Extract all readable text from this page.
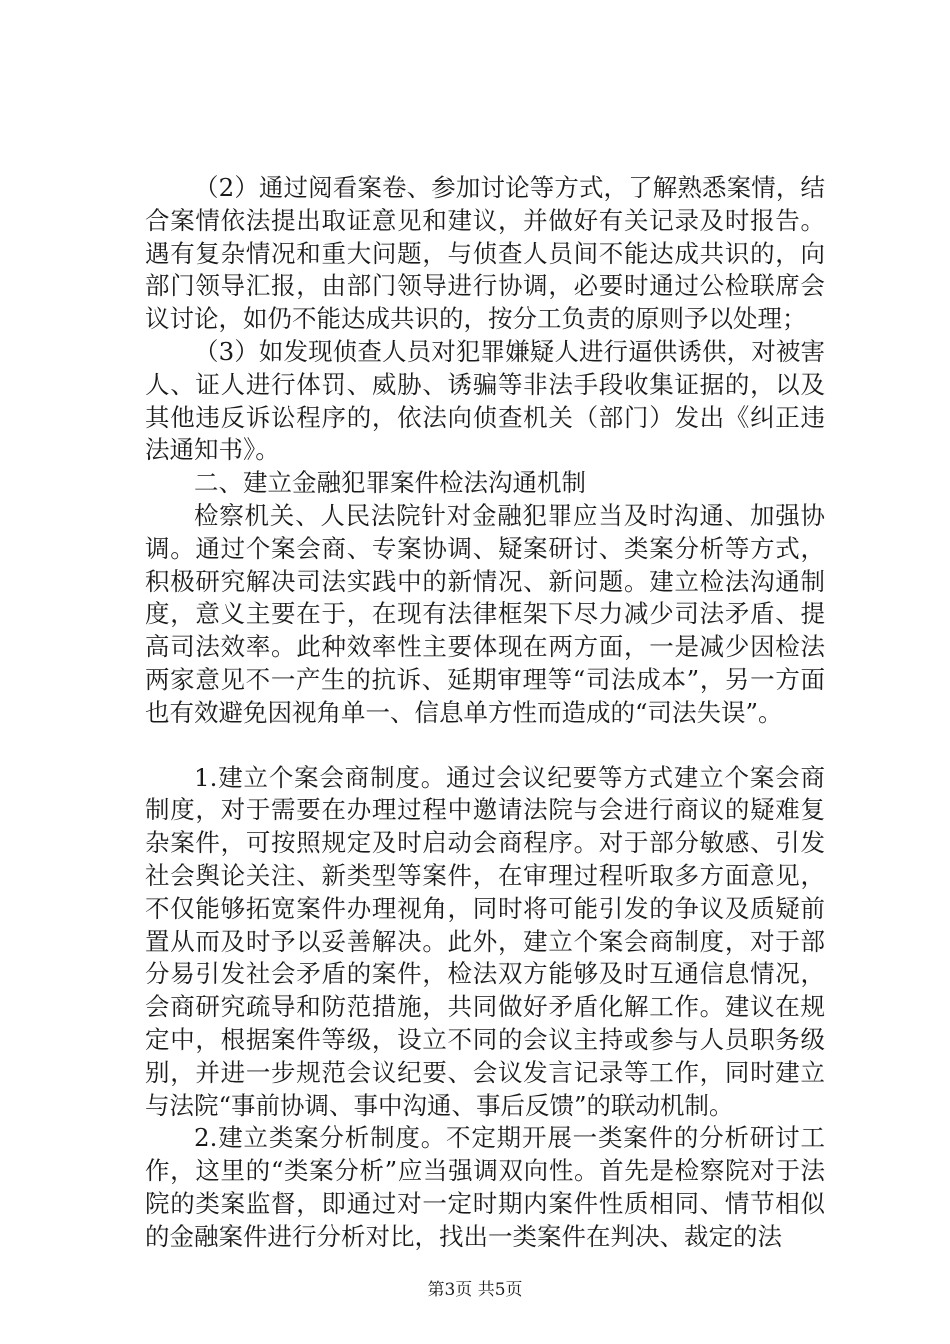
（2）通过阅看案卷、参加讨论等方式，了解熟悉案情，结合案情依法提出取证意见和建议，并做好有关记录及时报告。遇有复杂情况和重大问题，与侦查人员间不能达成共识的，向部门领导汇报，由部门领导进行协调，必要时通过公检联席会议讨论，如仍不能达成共识的，按分工负责的原则予以处理；

（3）如发现侦查人员对犯罪嫌疑人进行逼供诱供，对被害人、证人进行体罚、威胁、诱骗等非法手段收集证据的，以及其他违反诉讼程序的，依法向侦查机关（部门）发出《纠正违法通知书》。

二、建立金融犯罪案件检法沟通机制

检察机关、人民法院针对金融犯罪应当及时沟通、加强协调。通过个案会商、专案协调、疑案研讨、类案分析等方式，积极研究解决司法实践中的新情况、新问题。建立检法沟通制度，意义主要在于，在现有法律框架下尽力减少司法矛盾、提高司法效率。此种效率性主要体现在两方面，一是减少因检法两家意见不一产生的抗诉、延期审理等“司法成本”，另一方面也有效避免因视角单一、信息单方性而造成的“司法失误”。

1.建立个案会商制度。通过会议纪要等方式建立个案会商制度，对于需要在办理过程中邀请法院与会进行商议的疑难复杂案件，可按照规定及时启动会商程序。对于部分敏感、引发社会舆论关注、新类型等案件，在审理过程听取多方面意见，不仅能够拓宽案件办理视角，同时将可能引发的争议及质疑前置从而及时予以妥善解决。此外，建立个案会商制度，对于部分易引发社会矛盾的案件，检法双方能够及时互通信息情况，会商研究疏导和防范措施，共同做好矛盾化解工作。建议在规定中，根据案件等级，设立不同的会议主持或参与人员职务级别，并进一步规范会议纪要、会议发言记录等工作，同时建立与法院“事前协调、事中沟通、事后反馈”的联动机制。

2.建立类案分析制度。不定期开展一类案件的分析研讨工作，这里的“类案分析”应当强调双向性。首先是检察院对于法院的类案监督，即通过对一定时期内案件性质相同、情节相似的金融案件进行分析对比，找出一类案件在判决、裁定的法

第3页 共5页
